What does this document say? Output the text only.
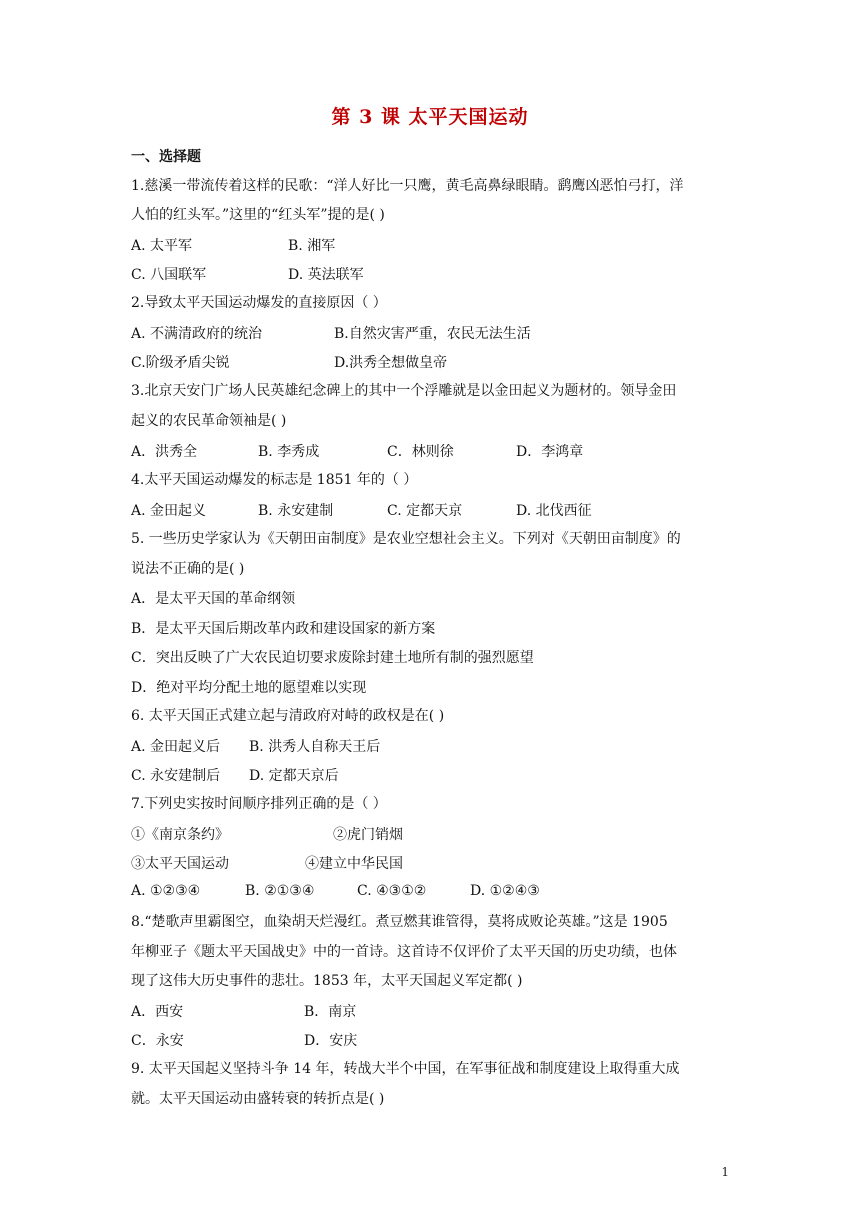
第 3 课 太平天国运动
一、选择题
1.慈溪一带流传着这样的民歌：“洋人好比一只鹰，黄毛高鼻绿眼睛。鹞鹰凶恶怕弓打，洋
人怕的红头军。”这里的“红头军”提的是( )
A. 太平军	B. 湘军
C. 八国联军	D. 英法联军
2.导致太平天国运动爆发的直接原因（ ）
A. 不满清政府的统治	B.自然灾害严重，农民无法生活
C.阶级矛盾尖锐	D.洪秀全想做皇帝
3.北京天安门广场人民英雄纪念碑上的其中一个浮雕就是以金田起义为题材的。领导金田
起义的农民革命领袖是( )
A．洪秀全	B. 李秀成	C．林则徐	D．李鸿章
4.太平天国运动爆发的标志是 1851 年的（ ）
A. 金田起义	B. 永安建制	C. 定都天京	D. 北伐西征
5. 一些历史学家认为《天朝田亩制度》是农业空想社会主义。下列对《天朝田亩制度》的
说法不正确的是( )
A．是太平天国的革命纲领
B．是太平天国后期改革内政和建设国家的新方案
C．突出反映了广大农民迫切要求废除封建土地所有制的强烈愿望
D．绝对平均分配土地的愿望难以实现
6. 太平天国正式建立起与清政府对峙的政权是在( )
A. 金田起义后 B. 洪秀人自称天王后
C. 永安建制后 D. 定都天京后
7.下列史实按时间顺序排列正确的是（ ）
①《南京条约》	②虎门销烟
③太平天国运动	④建立中华民国
A. ①②③④	B. ②①③④	C. ④③①②	D. ①②④③
8.“楚歌声里霸图空，血染胡天烂漫红。煮豆燃萁谁管得，莫将成败论英雄。”这是 1905
年柳亚子《题太平天国战史》中的一首诗。这首诗不仅评价了太平天国的历史功绩，也体
现了这伟大历史事件的悲壮。1853 年，太平天国起义军定都( )
A．西安	B．南京
C．永安	D．安庆
9. 太平天国起义坚持斗争 14 年，转战大半个中国，在军事征战和制度建设上取得重大成
就。太平天国运动由盛转衰的转折点是( )
1
